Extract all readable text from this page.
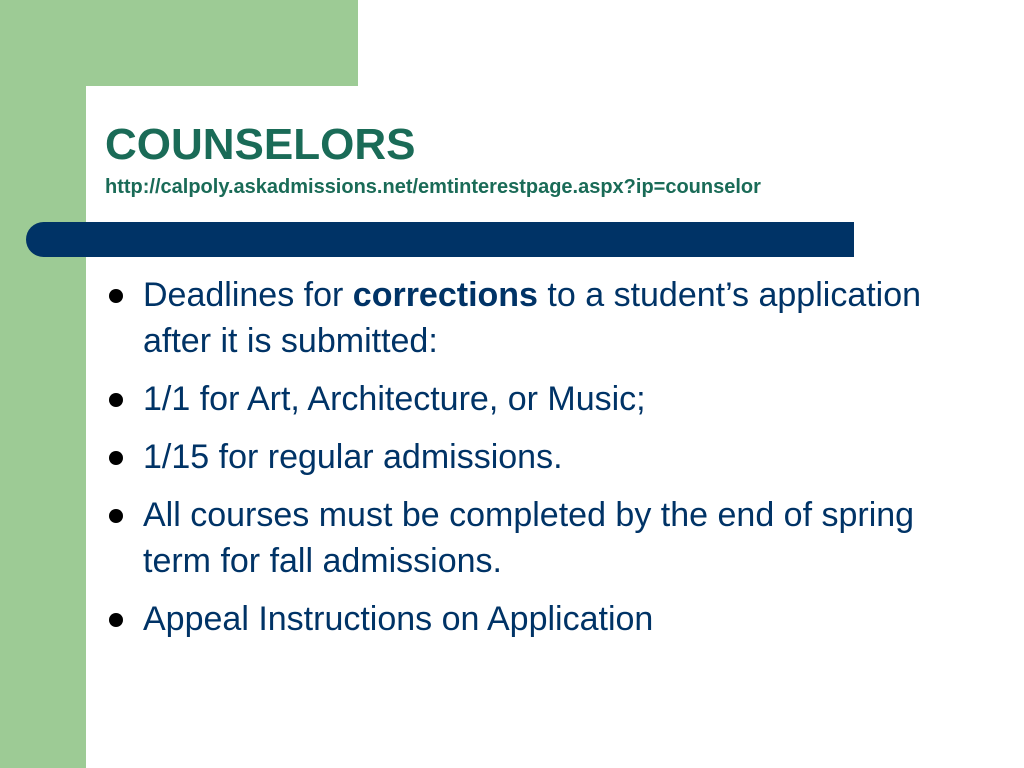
COUNSELORS
http://calpoly.askadmissions.net/emtinterestpage.aspx?ip=counselor
Deadlines for corrections to a student’s application after it is submitted:
1/1 for Art, Architecture, or Music;
1/15 for regular admissions.
All courses must be completed by the end of spring term for fall admissions.
Appeal Instructions on Application
